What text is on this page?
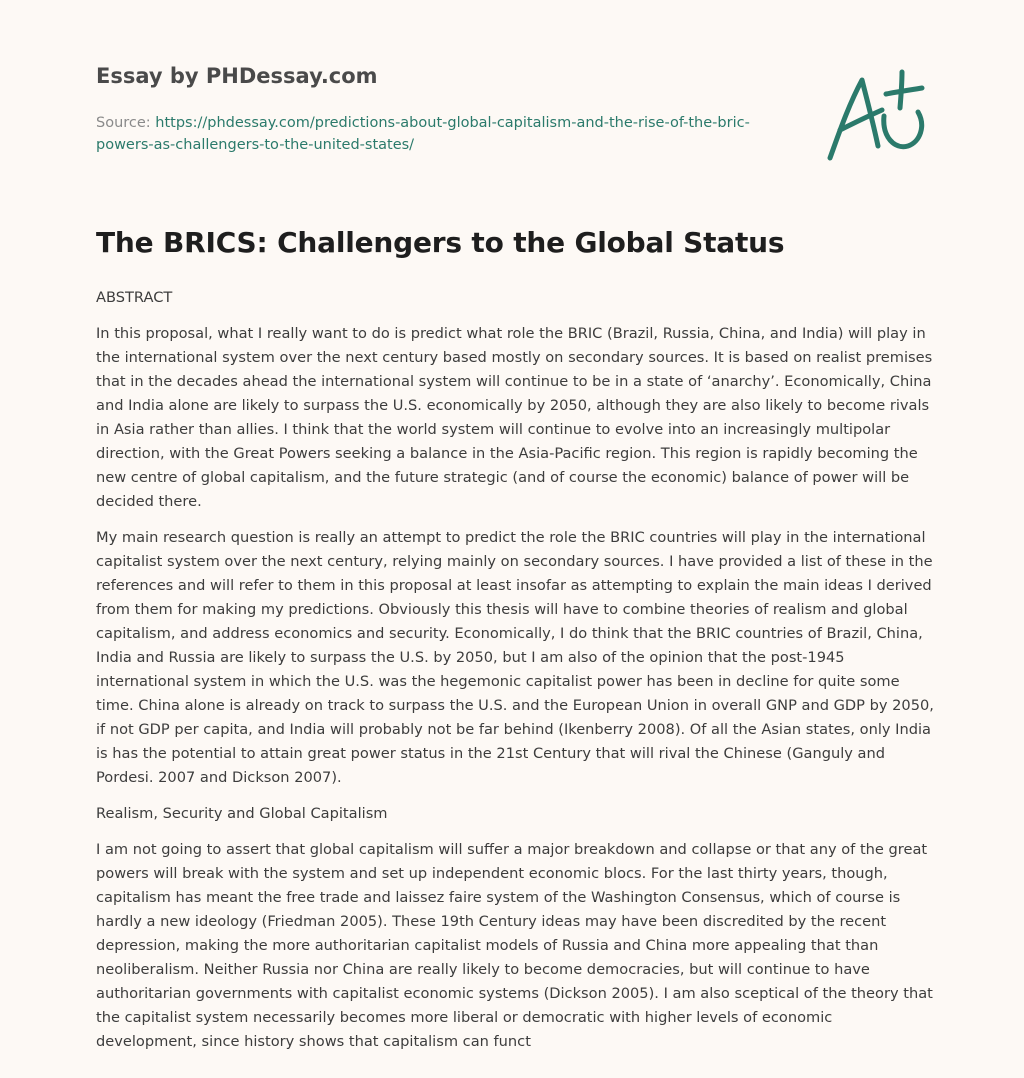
Essay by PHDessay.com
Source: https://phdessay.com/predictions-about-global-capitalism-and-the-rise-of-the-bric-powers-as-challengers-to-the-united-states/
The BRICS: Challengers to the Global Status

ABSTRACT

In this proposal, what I really want to do is predict what role the BRIC (Brazil, Russia, China, and India) will play in the international system over the next century based mostly on secondary sources. It is based on realist premises that in the decades ahead the international system will continue to be in a state of ‘anarchy’. Economically, China and India alone are likely to surpass the U.S. economically by 2050, although they are also likely to become rivals in Asia rather than allies. I think that the world system will continue to evolve into an increasingly multipolar direction, with the Great Powers seeking a balance in the Asia-Pacific region. This region is rapidly becoming the new centre of global capitalism, and the future strategic (and of course the economic) balance of power will be decided there.

My main research question is really an attempt to predict the role the BRIC countries will play in the international capitalist system over the next century, relying mainly on secondary sources. I have provided a list of these in the references and will refer to them in this proposal at least insofar as attempting to explain the main ideas I derived from them for making my predictions. Obviously this thesis will have to combine theories of realism and global capitalism, and address economics and security. Economically, I do think that the BRIC countries of Brazil, China, India and Russia are likely to surpass the U.S. by 2050, but I am also of the opinion that the post-1945 international system in which the U.S. was the hegemonic capitalist power has been in decline for quite some time. China alone is already on track to surpass the U.S. and the European Union in overall GNP and GDP by 2050, if not GDP per capita, and India will probably not be far behind (Ikenberry 2008). Of all the Asian states, only India is has the potential to attain great power status in the 21st Century that will rival the Chinese (Ganguly and Pordesi. 2007 and Dickson 2007).

Realism, Security and Global Capitalism

I am not going to assert that global capitalism will suffer a major breakdown and collapse or that any of the great powers will break with the system and set up independent economic blocs. For the last thirty years, though, capitalism has meant the free trade and laissez faire system of the Washington Consensus, which of course is hardly a new ideology (Friedman 2005). These 19th Century ideas may have been discredited by the recent depression, making the more authoritarian capitalist models of Russia and China more appealing that than neoliberalism. Neither Russia nor China are really likely to become democracies, but will continue to have authoritarian governments with capitalist economic systems (Dickson 2005). I am also sceptical of the theory that the capitalist system necessarily becomes more liberal or democratic with higher levels of economic development, since history shows that capitalism can funct
